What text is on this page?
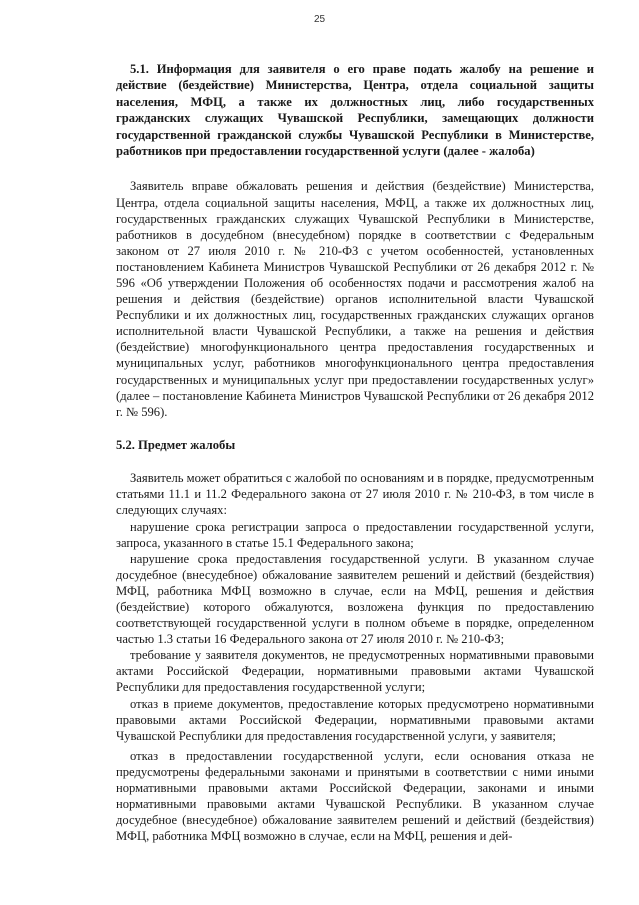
25

5.1. Информация для заявителя о его праве подать жалобу на решение и действие (бездействие) Министерства, Центра, отдела социальной защиты населения, МФЦ, а также их должностных лиц, либо государственных гражданских служащих Чувашской Республики, замещающих должности государственной гражданской службы Чувашской Республики в Министерстве, работников при предоставлении государственной услуги (далее - жалоба)

Заявитель вправе обжаловать решения и действия (бездействие) Министерства, Центра, отдела социальной защиты населения, МФЦ, а также их должностных лиц, государственных гражданских служащих Чувашской Республики в Министерстве, работников в досудебном (внесудебном) порядке в соответствии с Федеральным законом от 27 июля 2010 г. № 210-ФЗ с учетом особенностей, установленных постановлением Кабинета Министров Чувашской Республики от 26 декабря 2012 г. № 596 «Об утверждении Положения об особенностях подачи и рассмотрения жалоб на решения и действия (бездействие) органов исполнительной власти Чувашской Республики и их должностных лиц, государственных гражданских служащих органов исполнительной власти Чувашской Республики, а также на решения и действия (бездействие) многофункционального центра предоставления государственных и муниципальных услуг, работников многофункционального центра предоставления государственных и муниципальных услуг при предоставлении государственных услуг» (далее – постановление Кабинета Министров Чувашской Республики от 26 декабря 2012 г. № 596).

5.2. Предмет жалобы

Заявитель может обратиться с жалобой по основаниям и в порядке, предусмотренным статьями 11.1 и 11.2 Федерального закона от 27 июля 2010 г. № 210-ФЗ, в том числе в следующих случаях:

нарушение срока регистрации запроса о предоставлении государственной услуги, запроса, указанного в статье 15.1 Федерального закона;

нарушение срока предоставления государственной услуги. В указанном случае досудебное (внесудебное) обжалование заявителем решений и действий (бездействия) МФЦ, работника МФЦ возможно в случае, если на МФЦ, решения и действия (бездействие) которого обжалуются, возложена функция по предоставлению соответствующей государственной услуги в полном объеме в порядке, определенном частью 1.3 статьи 16 Федерального закона от 27 июля 2010 г. № 210-ФЗ;

требование у заявителя документов, не предусмотренных нормативными правовыми актами Российской Федерации, нормативными правовыми актами Чувашской Республики для предоставления государственной услуги;

отказ в приеме документов, предоставление которых предусмотрено нормативными правовыми актами Российской Федерации, нормативными правовыми актами Чувашской Республики для предоставления государственной услуги, у заявителя;

отказ в предоставлении государственной услуги, если основания отказа не предусмотрены федеральными законами и принятыми в соответствии с ними иными нормативными правовыми актами Российской Федерации, законами и иными нормативными правовыми актами Чувашской Республики. В указанном случае досудебное (внесудебное) обжалование заявителем решений и действий (бездействия) МФЦ, работника МФЦ возможно в случае, если на МФЦ, решения и дей-
